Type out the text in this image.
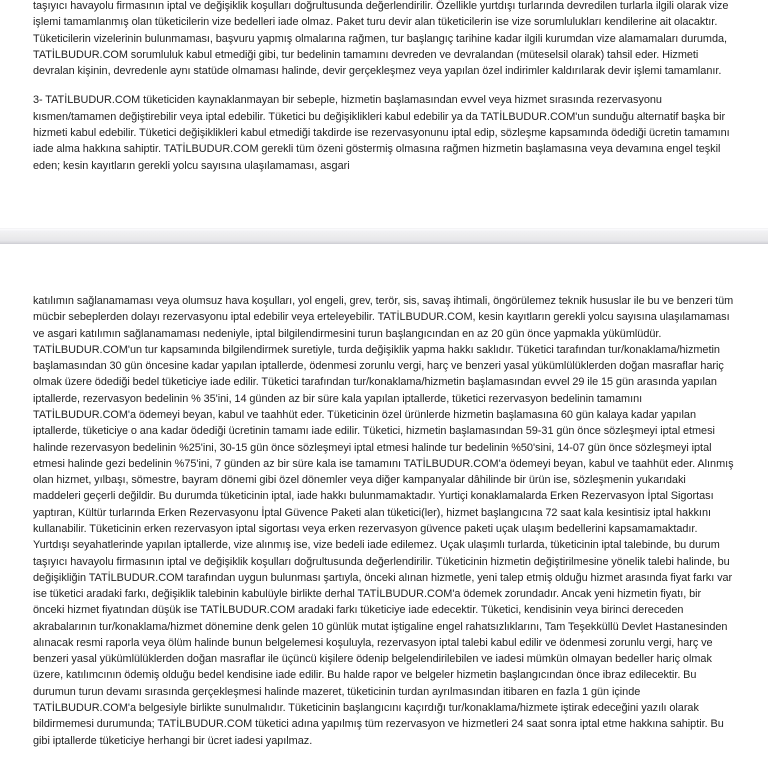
taşıyıcı havayolu firmasının iptal ve değişiklik koşulları doğrultusunda değerlendirilir. Özellikle yurtdışı turlarında devredilen turlarla ilgili olarak vize işlemi tamamlanmış olan tüketicilerin vize bedelleri iade olmaz. Paket turu devir alan tüketicilerin ise vize sorumlulukları kendilerine ait olacaktır. Tüketicilerin vizelerinin bulunmaması, başvuru yapmış olmalarına rağmen, tur başlangıç tarihine kadar ilgili kurumdan vize alamamaları durumda, TATİLBUDUR.COM sorumluluk kabul etmediği gibi, tur bedelinin tamamını devreden ve devralandan (müteselsil olarak) tahsil eder. Hizmeti devralan kişinin, devredenle aynı statüde olmaması halinde, devir gerçekleşmez veya yapılan özel indirimler kaldırılarak devir işlemi tamamlanır.

3- TATİLBUDUR.COM tüketiciden kaynaklanmayan bir sebeple, hizmetin başlamasından evvel veya hizmet sırasında rezervasyonu kısmen/tamamen değiştirebilir veya iptal edebilir. Tüketici bu değişiklikleri kabul edebilir ya da TATİLBUDUR.COM'un sunduğu alternatif başka bir hizmeti kabul edebilir. Tüketici değişiklikleri kabul etmediği takdirde ise rezervasyonunu iptal edip, sözleşme kapsamında ödediği ücretin tamamını iade alma hakkına sahiptir. TATİLBUDUR.COM gerekli tüm özeni göstermiş olmasına rağmen hizmetin başlamasına veya devamına engel teşkil eden; kesin kayıtların gerekli yolcu sayısına ulaşılamaması, asgari

katılımın sağlanamaması veya olumsuz hava koşulları, yol engeli, grev, terör, sis, savaş ihtimali, öngörülemez teknik hususlar ile bu ve benzeri tüm mücbir sebeplerden dolayı rezervasyonu iptal edebilir veya erteleyebilir. TATİLBUDUR.COM, kesin kayıtların gerekli yolcu sayısına ulaşılamaması ve asgari katılımın sağlanamaması nedeniyle, iptal bilgilendirmesini turun başlangıcından en az 20 gün önce yapmakla yükümlüdür. TATİLBUDUR.COM'un tur kapsamında bilgilendirmek suretiyle, turda değişiklik yapma hakkı saklıdır. Tüketici tarafından tur/konaklama/hizmetin başlamasından 30 gün öncesine kadar yapılan iptallerde, ödenmesi zorunlu vergi, harç ve benzeri yasal yükümlülüklerden doğan masraflar hariç olmak üzere ödediği bedel tüketiciye iade edilir. Tüketici tarafından tur/konaklama/hizmetin başlamasından evvel 29 ile 15 gün arasında yapılan iptallerde, rezervasyon bedelinin % 35'ini, 14 günden az bir süre kala yapılan iptallerde, tüketici rezervasyon bedelinin tamamını TATİLBUDUR.COM'a ödemeyi beyan, kabul ve taahhüt eder. Tüketicinin özel ürünlerde hizmetin başlamasına 60 gün kalaya kadar yapılan iptallerde, tüketiciye o ana kadar ödediği ücretinin tamamı iade edilir. Tüketici, hizmetin başlamasından 59-31 gün önce sözleşmeyi iptal etmesi halinde rezervasyon bedelinin %25'ini, 30-15 gün önce sözleşmeyi iptal etmesi halinde tur bedelinin %50'sini, 14-07 gün önce sözleşmeyi iptal etmesi halinde gezi bedelinin %75'ini, 7 günden az bir süre kala ise tamamını TATİLBUDUR.COM'a ödemeyi beyan, kabul ve taahhüt eder. Alınmış olan hizmet, yılbaşı, sömestre, bayram dönemi gibi özel dönemler veya diğer kampanyalar dâhilinde bir ürün ise, sözleşmenin yukarıdaki maddeleri geçerli değildir. Bu durumda tüketicinin iptal, iade hakkı bulunmamaktadır. Yurtiçi konaklamalarda Erken Rezervasyon İptal Sigortası yaptıran, Kültür turlarında Erken Rezervasyonu İptal Güvence Paketi alan tüketici(ler), hizmet başlangıcına 72 saat kala kesintisiz iptal hakkını kullanabilir. Tüketicinin erken rezervasyon iptal sigortası veya erken rezervasyon güvence paketi uçak ulaşım bedellerini kapsamamaktadır. Yurtdışı seyahatlerinde yapılan iptallerde, vize alınmış ise, vize bedeli iade edilemez. Uçak ulaşımlı turlarda, tüketicinin iptal talebinde, bu durum taşıyıcı havayolu firmasının iptal ve değişiklik koşulları doğrultusunda değerlendirilir. Tüketicinin hizmetin değiştirilmesine yönelik talebi halinde, bu değişikliğin TATİLBUDUR.COM tarafından uygun bulunması şartıyla, önceki alınan hizmetle, yeni talep etmiş olduğu hizmet arasında fiyat farkı var ise tüketici aradaki farkı, değişiklik talebinin kabulüyle birlikte derhal TATİLBUDUR.COM'a ödemek zorundadır. Ancak yeni hizmetin fiyatı, bir önceki hizmet fiyatından düşük ise TATİLBUDUR.COM aradaki farkı tüketiciye iade edecektir. Tüketici, kendisinin veya birinci dereceden akrabalarının tur/konaklama/hizmet dönemine denk gelen 10 günlük mutat iştigaline engel rahatsızlıklarını, Tam Teşekküllü Devlet Hastanesinden alınacak resmi raporla veya ölüm halinde bunun belgelemesi koşuluyla, rezervasyon iptal talebi kabul edilir ve ödenmesi zorunlu vergi, harç ve benzeri yasal yükümlülüklerden doğan masraflar ile üçüncü kişilere ödenip belgelendirilebilen ve iadesi mümkün olmayan bedeller hariç olmak üzere, katılımcının ödemiş olduğu bedel kendisine iade edilir. Bu halde rapor ve belgeler hizmetin başlangıcından önce ibraz edilecektir. Bu durumun turun devamı sırasında gerçekleşmesi halinde mazeret, tüketicinin turdan ayrılmasından itibaren en fazla 1 gün içinde TATİLBUDUR.COM'a belgesiyle birlikte sunulmalıdır. Tüketicinin başlangıcını kaçırdığı tur/konaklama/hizmete iştirak edeceğini yazılı olarak bildirmemesi durumunda; TATİLBUDUR.COM tüketici adına yapılmış tüm rezervasyon ve hizmetleri 24 saat sonra iptal etme hakkına sahiptir. Bu gibi iptallerde tüketiciye herhangi bir ücret iadesi yapılmaz.
